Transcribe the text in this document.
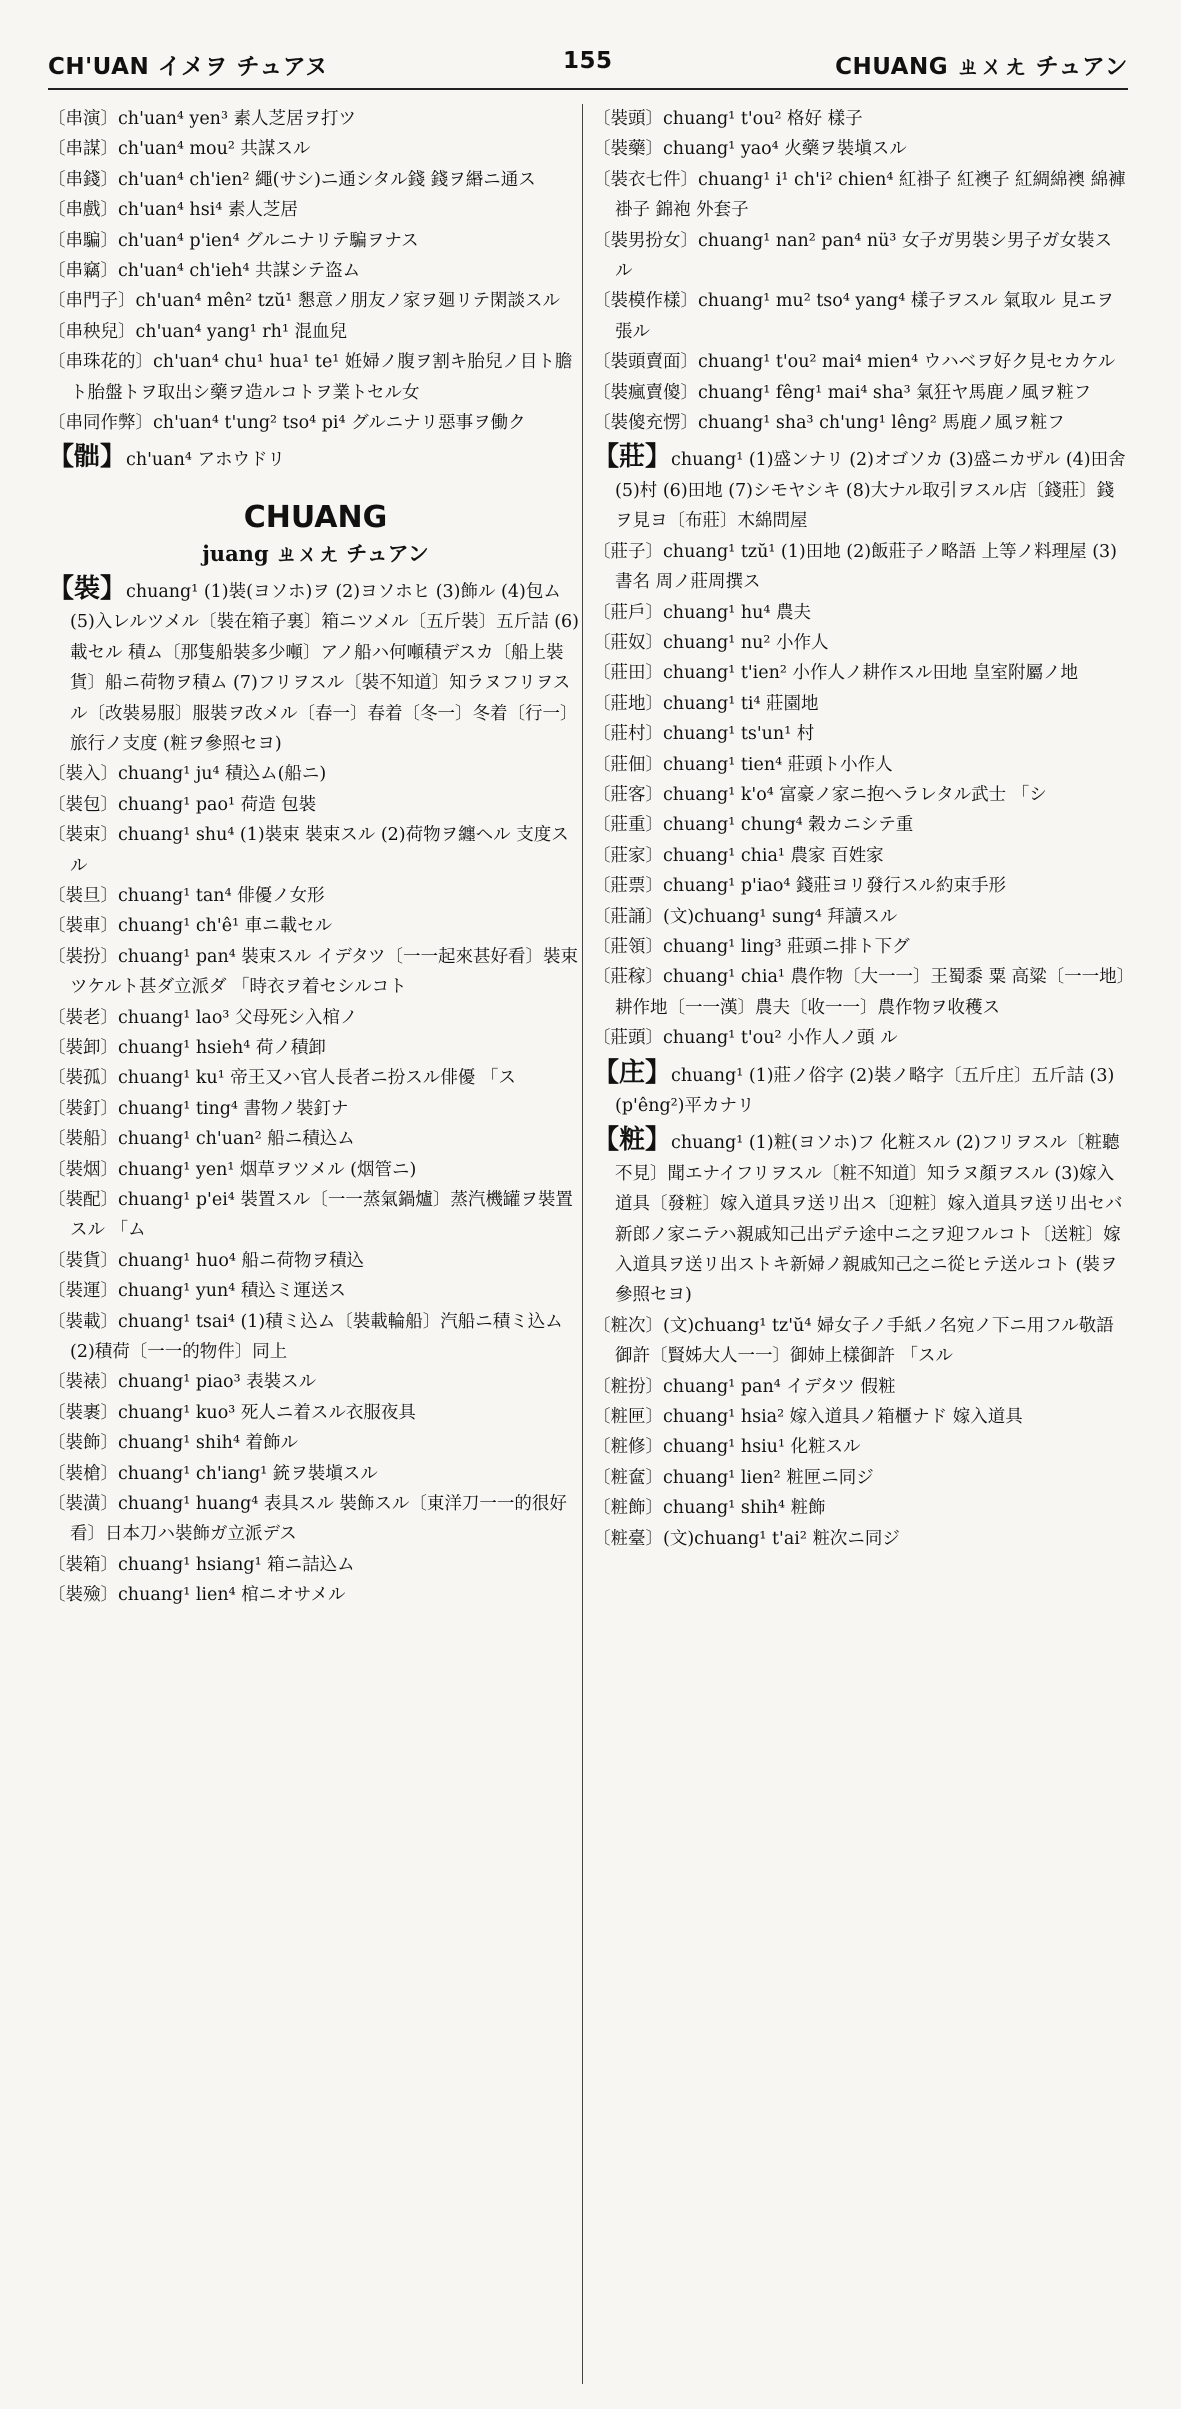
CH'UAN イメヲ チュアヌ	155	CHUANG ㄓㄨㄤ チュアン
〔串演〕ch'uan⁴ yen³ 素人芝居ヲ打ツ
〔串謀〕ch'uan⁴ mou² 共謀スル
〔串錢〕ch'uan⁴ ch'ien² 繩(サシ)ニ通シタル錢 錢ヲ緡ニ通ス
〔串戲〕ch'uan⁴ hsi⁴ 素人芝居
〔串騙〕ch'uan⁴ p'ien⁴ グルニナリテ騙ヲナス
〔串竊〕ch'uan⁴ ch'ieh⁴ 共謀シテ盗ム
〔串門子〕ch'uan⁴ mên² tzŭ¹ 懇意ノ朋友ノ家ヲ廻リテ閑談スル
〔串秧兒〕ch'uan⁴ yang¹ rh¹ 混血兒
〔串珠花的〕ch'uan⁴ chu¹ hua¹ te¹ 姙婦ノ腹ヲ割キ胎兒ノ目ト膽ト胎盤トヲ取出シ藥ヲ造ルコトヲ業トセル女
〔串同作弊〕ch'uan⁴ t'ung² tso⁴ pi⁴ グルニナリ惡事ヲ働ク
【𩨸】ch'uan⁴ アホウドリ
CHUANG
juang ㄓㄨㄤ チュアン
【裝】chuang¹ (1)裝(ヨソホ)ヲ (2)ヨソホヒ (3)飾ル (4)包ム (5)入レルツメル〔裝在箱子裏〕箱ニツメル〔五斤裝〕五斤詰 (6)載セル 積ム〔那隻船裝多少噸〕アノ船ハ何噸積デスカ〔船上裝貨〕船ニ荷物ヲ積ム (7)フリヲスル〔裝不知道〕知ラヌフリヲスル〔改裝易服〕服裝ヲ改メル〔春一〕春着〔冬一〕冬着〔行一〕旅行ノ支度 (粧ヲ參照セヨ)
〔裝入〕chuang¹ ju⁴ 積込ム(船ニ)
〔裝包〕chuang¹ pao¹ 荷造 包裝
〔裝束〕chuang¹ shu⁴ (1)裝束 裝束スル (2)荷物ヲ纏ヘル 支度スル
〔裝旦〕chuang¹ tan⁴ 俳優ノ女形
〔裝車〕chuang¹ ch'ê¹ 車ニ載セル
〔裝扮〕chuang¹ pan⁴ 裝束スル イデタツ〔一一起來甚好看〕裝束ツケルト甚ダ立派ダ 「時衣ヲ着セシルコト
〔裝老〕chuang¹ lao³ 父母死シ入棺ノ
〔裝卸〕chuang¹ hsieh⁴ 荷ノ積卸
〔裝孤〕chuang¹ ku¹ 帝王又ハ官人長者ニ扮スル俳優 「ス
〔裝釘〕chuang¹ ting⁴ 書物ノ裝釘ナ
〔裝船〕chuang¹ ch'uan² 船ニ積込ム
〔裝烟〕chuang¹ yen¹ 烟草ヲツメル (烟管ニ)
〔裝配〕chuang¹ p'ei⁴ 裝置スル〔一一蒸氣鍋爐〕蒸汽機罐ヲ裝置スル 「ム
〔裝貨〕chuang¹ huo⁴ 船ニ荷物ヲ積込
〔裝運〕chuang¹ yun⁴ 積込ミ運送ス
〔裝載〕chuang¹ tsai⁴ (1)積ミ込ム〔裝載輪船〕汽船ニ積ミ込ム (2)積荷〔一一的物件〕同上
〔裝裱〕chuang¹ piao³ 表裝スル
〔裝裹〕chuang¹ kuo³ 死人ニ着スル衣服夜具
〔裝飾〕chuang¹ shih⁴ 着飾ル
〔裝槍〕chuang¹ ch'iang¹ 銃ヲ裝塡スル
〔裝潢〕chuang¹ huang⁴ 表具スル 裝飾スル〔東洋刀一一的很好看〕日本刀ハ裝飾ガ立派デス
〔裝箱〕chuang¹ hsiang¹ 箱ニ詰込ム
〔裝殮〕chuang¹ lien⁴ 棺ニオサメル
〔裝頭〕chuang¹ t'ou² 格好 樣子
〔裝藥〕chuang¹ yao⁴ 火藥ヲ裝塡スル
〔裝衣七件〕chuang¹ i¹ ch'i² chien⁴ 紅褂子 紅襖子 紅綢綿襖 綿褲 褂子 錦袍 外套子
〔裝男扮女〕chuang¹ nan² pan⁴ nü³ 女子ガ男裝シ男子ガ女裝スル
〔裝模作樣〕chuang¹ mu² tso⁴ yang⁴ 樣子ヲスル 氣取ル 見エヲ張ル
〔裝頭賣面〕chuang¹ t'ou² mai⁴ mien⁴ ウハベヲ好ク見セカケル
〔裝瘋賣傻〕chuang¹ fêng¹ mai⁴ sha³ 氣狂ヤ馬鹿ノ風ヲ粧フ
〔裝傻充愣〕chuang¹ sha³ ch'ung¹ lêng² 馬鹿ノ風ヲ粧フ
【莊】chuang¹ (1)盛ンナリ (2)オゴソカ (3)盛ニカザル (4)田舍 (5)村 (6)田地 (7)シモヤシキ (8)大ナル取引ヲスル店〔錢莊〕錢ヲ見ヨ〔布莊〕木綿問屋
〔莊子〕chuang¹ tzŭ¹ (1)田地 (2)飯莊子ノ略語 上等ノ料理屋 (3)書名 周ノ莊周撰ス
〔莊戶〕chuang¹ hu⁴ 農夫
〔莊奴〕chuang¹ nu² 小作人
〔莊田〕chuang¹ t'ien² 小作人ノ耕作スル田地 皇室附屬ノ地
〔莊地〕chuang¹ ti⁴ 莊園地
〔莊村〕chuang¹ ts'un¹ 村
〔莊佃〕chuang¹ tien⁴ 莊頭ト小作人
〔莊客〕chuang¹ k'o⁴ 富豪ノ家ニ抱ヘラレタル武士 「シ
〔莊重〕chuang¹ chung⁴ 穀カニシテ重
〔莊家〕chuang¹ chia¹ 農家 百姓家
〔莊票〕chuang¹ p'iao⁴ 錢莊ヨリ發行スル約束手形
〔莊誦〕(文)chuang¹ sung⁴ 拜讀スル
〔莊領〕chuang¹ ling³ 莊頭ニ排ト下グ
〔莊稼〕chuang¹ chia¹ 農作物〔大一一〕王蜀黍 粟 高粱〔一一地〕耕作地〔一一漢〕農夫〔收一一〕農作物ヲ收穫ス
〔莊頭〕chuang¹ t'ou² 小作人ノ頭 ル
【庄】chuang¹ (1)莊ノ俗字 (2)裝ノ略字〔五斤庄〕五斤詰 (3)(p'êng²)平カナリ
【粧】chuang¹ (1)粧(ヨソホ)フ 化粧スル (2)フリヲスル〔粧聽不見〕聞エナイフリヲスル〔粧不知道〕知ラヌ顏ヲスル (3)嫁入道具〔發粧〕嫁入道具ヲ送リ出ス〔迎粧〕嫁入道具ヲ送リ出セバ新郎ノ家ニテハ親戚知己出デテ途中ニ之ヲ迎フルコト〔送粧〕嫁入道具ヲ送リ出ストキ新婦ノ親戚知己之ニ從ヒテ送ルコト (裝ヲ參照セヨ)
〔粧次〕(文)chuang¹ tz'ŭ⁴ 婦女子ノ手紙ノ名宛ノ下ニ用フル敬語 御許〔賢姊大人一一〕御姉上樣御許 「スル
〔粧扮〕chuang¹ pan⁴ イデタツ 假粧
〔粧匣〕chuang¹ hsia² 嫁入道具ノ箱櫃ナド 嫁入道具
〔粧修〕chuang¹ hsiu¹ 化粧スル
〔粧奩〕chuang¹ lien² 粧匣ニ同ジ
〔粧飾〕chuang¹ shih⁴ 粧飾
〔粧臺〕(文)chuang¹ t'ai² 粧次ニ同ジ
